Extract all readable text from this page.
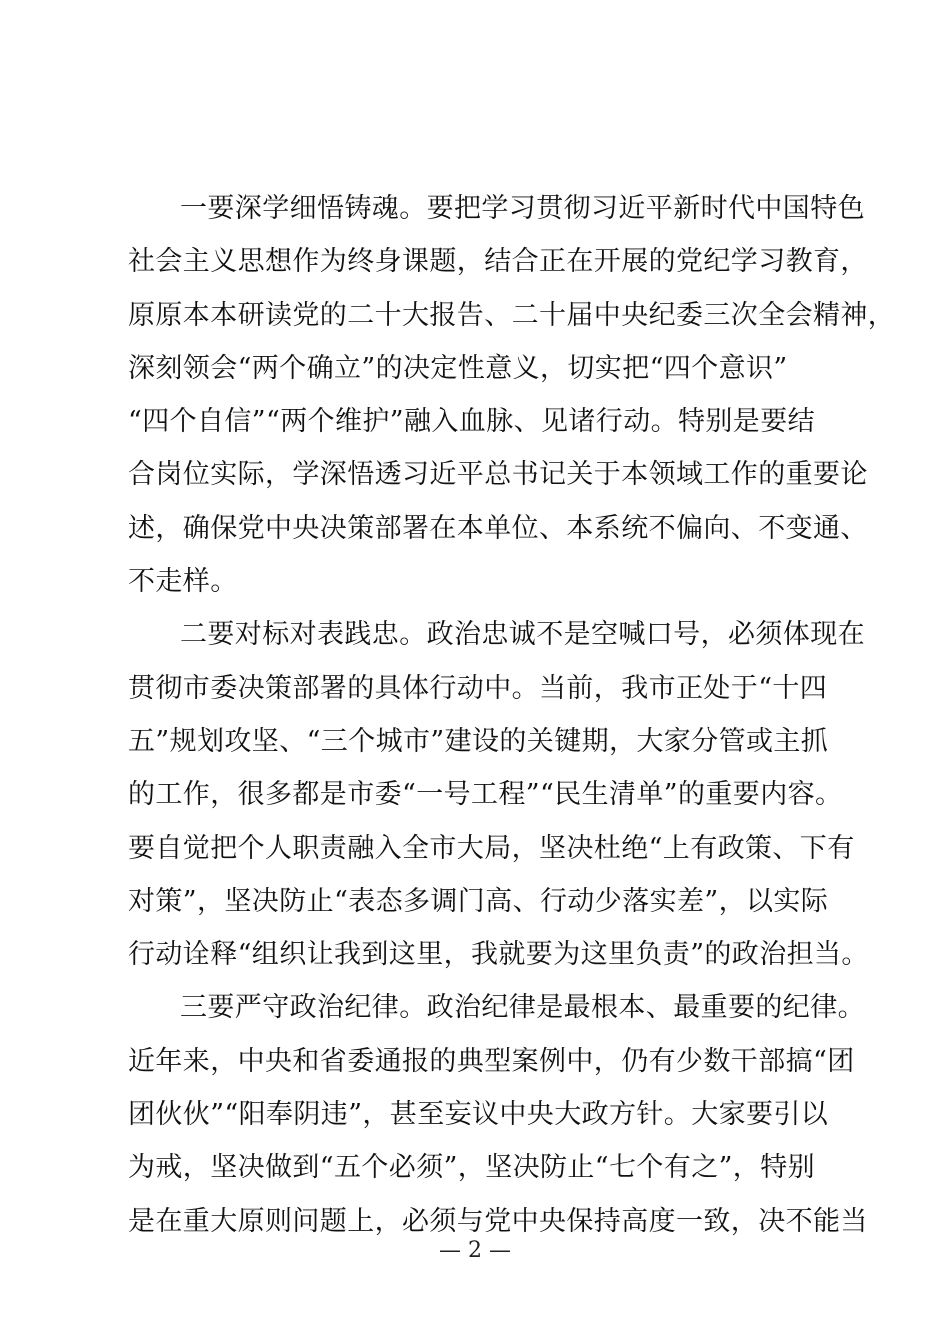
一要深学细悟铸魂。要把学习贯彻习近平新时代中国特色
社会主义思想作为终身课题，结合正在开展的党纪学习教育，
原原本本研读党的二十大报告、二十届中央纪委三次全会精神，
深刻领会“两个确立”的决定性意义，切实把“四个意识”
“四个自信”“两个维护”融入血脉、见诸行动。特别是要结
合岗位实际，学深悟透习近平总书记关于本领域工作的重要论
述，确保党中央决策部署在本单位、本系统不偏向、不变通、
不走样。
二要对标对表践忠。政治忠诚不是空喊口号，必须体现在
贯彻市委决策部署的具体行动中。当前，我市正处于“十四
五”规划攻坚、“三个城市”建设的关键期，大家分管或主抓
的工作，很多都是市委“一号工程”“民生清单”的重要内容。
要自觉把个人职责融入全市大局，坚决杜绝“上有政策、下有
对策”，坚决防止“表态多调门高、行动少落实差”，以实际
行动诠释“组织让我到这里，我就要为这里负责”的政治担当。
三要严守政治纪律。政治纪律是最根本、最重要的纪律。
近年来，中央和省委通报的典型案例中，仍有少数干部搞“团
团伙伙”“阳奉阴违”，甚至妄议中央大政方针。大家要引以
为戒，坚决做到“五个必须”，坚决防止“七个有之”，特别
是在重大原则问题上，必须与党中央保持高度一致，决不能当
— 2 —
